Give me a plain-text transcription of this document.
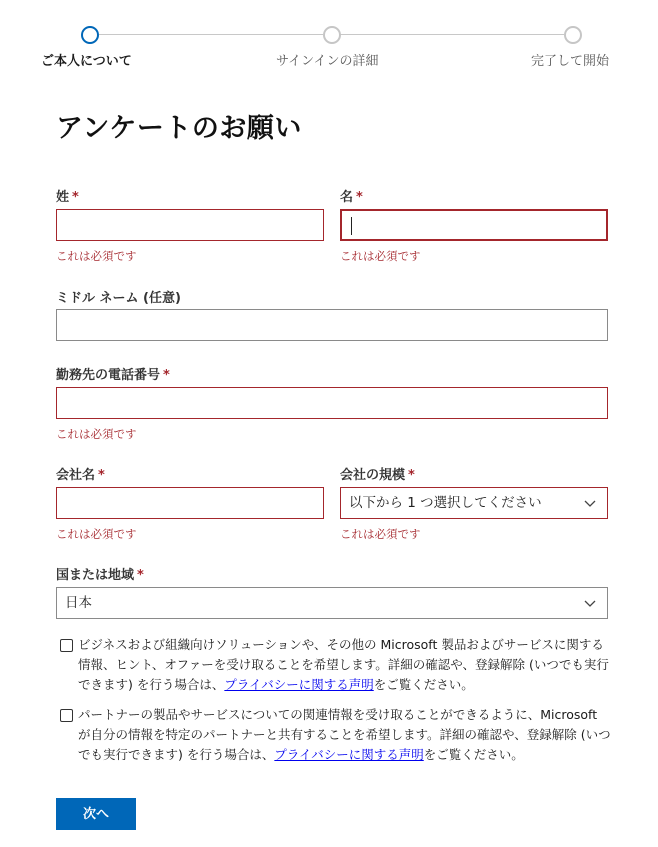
ご本人について	サインインの詳細	完了して開始
アンケートのお願い
姓 *
これは必須です
名 *
これは必須です
ミドル ネーム (任意)
勤務先の電話番号 *
これは必須です
会社名 *
これは必須です
会社の規模 *
以下から 1 つ選択してください
これは必須です
国または地域 *
日本
ビジネスおよび組織向けソリューションや、その他の Microsoft 製品およびサービスに関する情報、ヒント、オファーを受け取ることを希望します。詳細の確認や、登録解除 (いつでも実行できます) を行う場合は、プライバシーに関する声明をご覧ください。
パートナーの製品やサービスについての関連情報を受け取ることができるように、Microsoft が自分の情報を特定のパートナーと共有することを希望します。詳細の確認や、登録解除 (いつでも実行できます) を行う場合は、プライバシーに関する声明をご覧ください。
次へ
